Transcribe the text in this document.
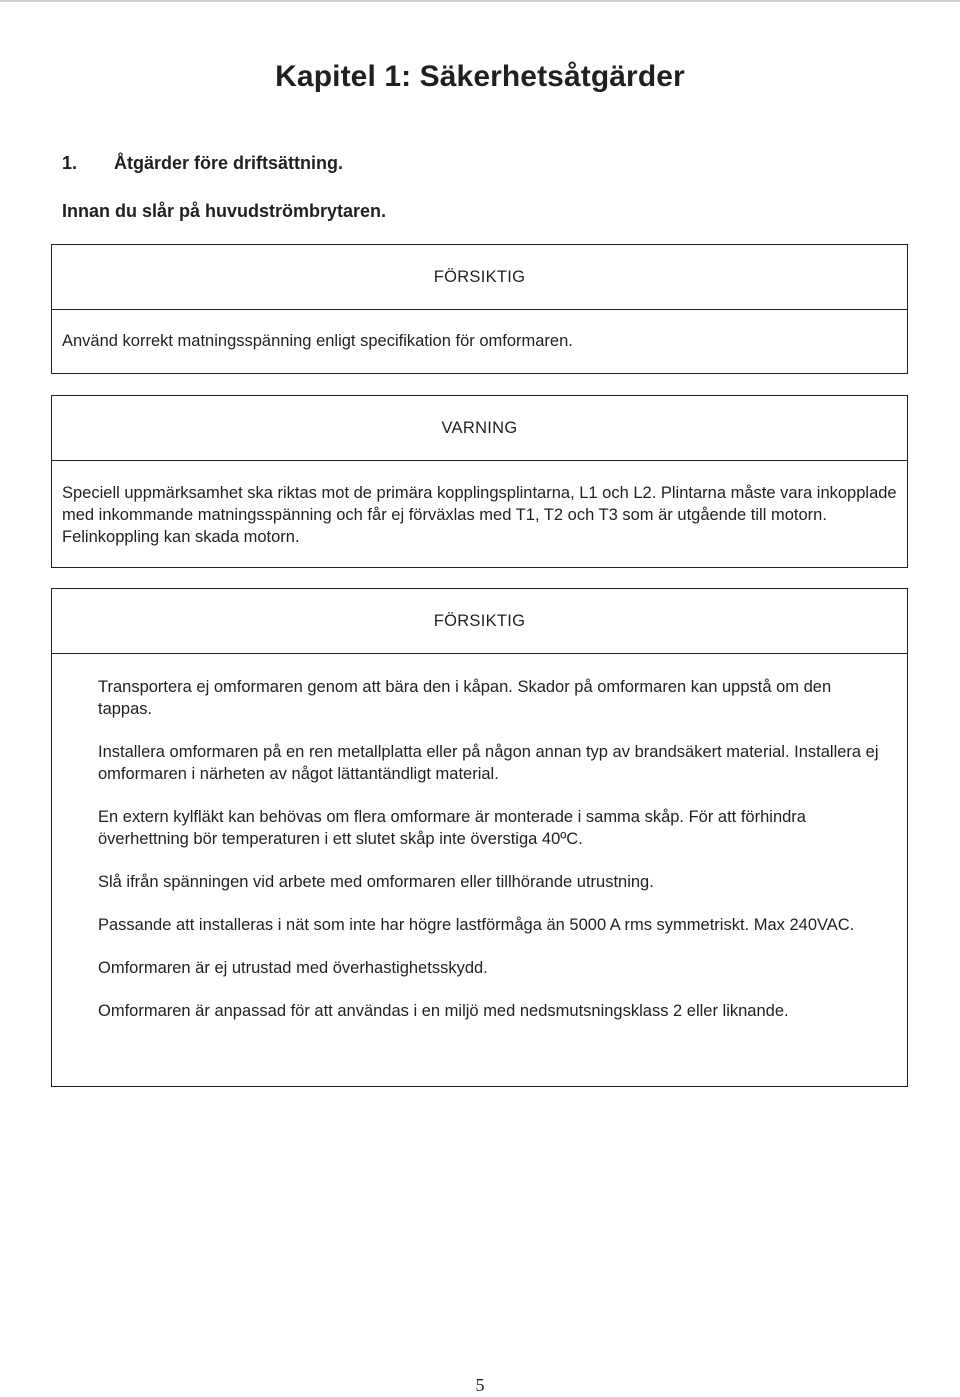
Kapitel 1: Säkerhetsåtgärder
1. Åtgärder före driftsättning.
Innan du slår på huvudströmbrytaren.
FÖRSIKTIG
Använd korrekt matningsspänning enligt specifikation för omformaren.
VARNING
Speciell uppmärksamhet ska riktas mot de primära kopplingsplintarna, L1 och L2. Plintarna måste vara inkopplade med inkommande matningsspänning och får ej förväxlas med T1, T2 och T3 som är utgående till motorn. Felinkoppling kan skada motorn.
FÖRSIKTIG
Transportera ej omformaren genom att bära den i kåpan. Skador på omformaren kan uppstå om den tappas.
Installera omformaren på en ren metallplatta eller på någon annan typ av brandsäkert material. Installera ej omformaren i närheten av något lättantändligt material.
En extern kylfläkt kan behövas om flera omformare är monterade i samma skåp. För att förhindra överhettning bör temperaturen i ett slutet skåp inte överstiga 40ºC.
Slå ifrån spänningen vid arbete med omformaren eller tillhörande utrustning.
Passande att installeras i nät som inte har högre lastförmåga än 5000 A rms symmetriskt. Max 240VAC.
Omformaren är ej utrustad med överhastighetsskydd.
Omformaren är anpassad för att användas i en miljö med nedsmutsningsklass 2 eller liknande.
5
